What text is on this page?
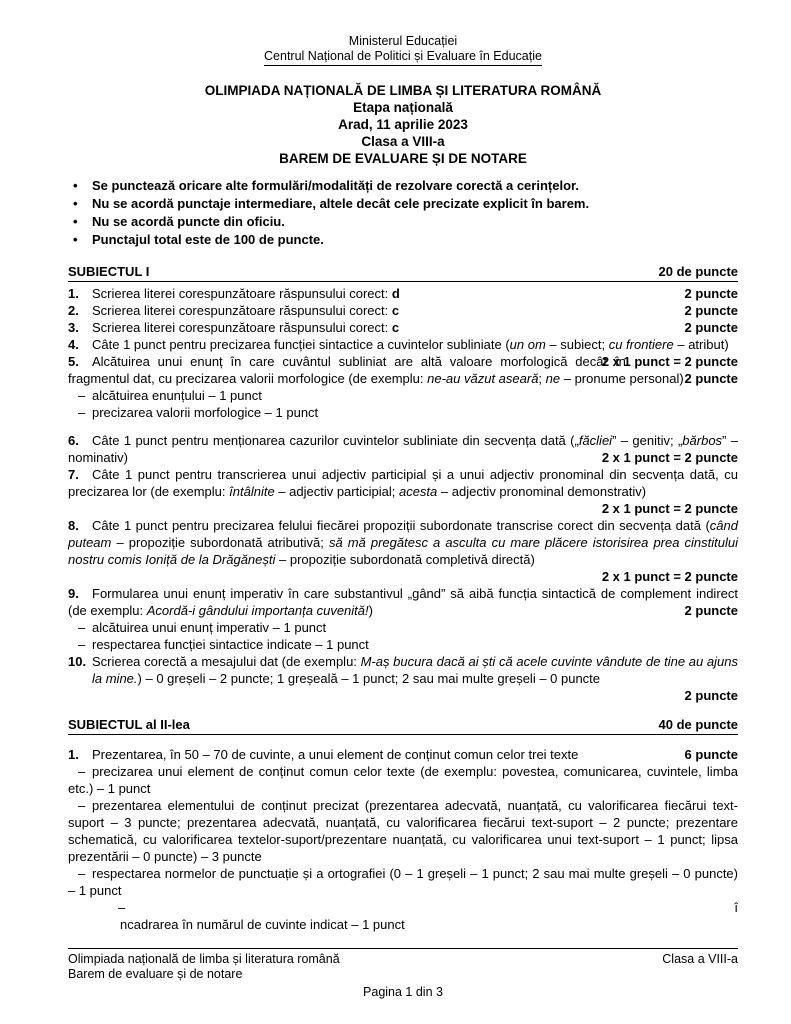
Ministerul Educației
Centrul Național de Politici și Evaluare în Educație
OLIMPIADA NAȚIONALĂ DE LIMBA ȘI LITERATURA ROMÂNĂ
Etapa națională
Arad, 11 aprilie 2023
Clasa a VIII-a
BAREM DE EVALUARE ȘI DE NOTARE
• Se punctează oricare alte formulări/modalități de rezolvare corectă a cerințelor.
• Nu se acordă punctaje intermediare, altele decât cele precizate explicit în barem.
• Nu se acordă puncte din oficiu.
• Punctajul total este de 100 de puncte.
SUBIECTUL I	20 de puncte

1. Scrierea literei corespunzătoare răspunsului corect: d	2 puncte

2. Scrierea literei corespunzătoare răspunsului corect: c	2 puncte

3. Scrierea literei corespunzătoare răspunsului corect: c	2 puncte

4. Câte 1 punct pentru precizarea funcției sintactice a cuvintelor subliniate (un om – subiect; cu frontiere – atribut)
2 x 1 punct = 2 puncte

5. Alcătuirea unui enunț în care cuvântul subliniat are altă valoare morfologică decât în fragmentul dat, cu precizarea valorii morfologice (de exemplu: ne-au văzut aseară; ne – pronume personal) 2 puncte

– alcătuirea enunțului – 1 punct

– precizarea valorii morfologice – 1 punct

6. Câte 1 punct pentru menționarea cazurilor cuvintelor subliniate din secvența dată („făcliei” – genitiv; „bărbos” – nominativ)	2 x 1 punct = 2 puncte

7. Câte 1 punct pentru transcrierea unui adjectiv participial și a unui adjectiv pronominal din secvența dată, cu precizarea lor (de exemplu: întâlnite – adjectiv participial; acesta – adjectiv pronominal demonstrativ)

2 x 1 punct = 2 puncte

8. Câte 1 punct pentru precizarea felului fiecărei propoziții subordonate transcrise corect din secvența dată (când puteam – propoziție subordonată atributivă; să mă pregătesc a asculta cu mare plăcere istorisirea prea cinstitului nostru comis Ioniță de la Drăgănești – propoziție subordonată completivă directă)

2 x 1 punct = 2 puncte

9. Formularea unui enunț imperativ în care substantivul „gând” să aibă funcția sintactică de complement indirect (de exemplu: Acordă-i gândului importanța cuvenită!)	2 puncte

– alcătuirea unui enunț imperativ – 1 punct

– respectarea funcției sintactice indicate – 1 punct

10. Scrierea corectă a mesajului dat (de exemplu: M-aș bucura dacă ai ști că acele cuvinte vândute de tine au ajuns la mine.) – 0 greșeli – 2 puncte; 1 greșeală – 1 punct; 2 sau mai multe greșeli – 0 puncte

2 puncte

SUBIECTUL al II-lea	40 de puncte

1. Prezentarea, în 50 – 70 de cuvinte, a unui element de conținut comun celor trei texte	6 puncte

– precizarea unui element de conținut comun celor texte (de exemplu: povestea, comunicarea, cuvintele, limba etc.) – 1 punct

– prezentarea elementului de conținut precizat (prezentarea adecvată, nuanțată, cu valorificarea fiecărui text-suport – 3 puncte; prezentarea adecvată, nuanțată, cu valorificarea fiecărui text-suport – 2 puncte; prezentare schematică, cu valorificarea textelor-suport/prezentare nuanțată, cu valorificarea unui text-suport – 1 punct; lipsa prezentării – 0 puncte) – 3 puncte

– respectarea normelor de punctuație și a ortografiei (0 – 1 greșeli – 1 punct; 2 sau mai multe greșeli – 0 puncte) – 1 punct

–	î

ncadrarea în numărul de cuvinte indicat – 1 punct

Olimpiada națională de limba și literatura română	Clasa a VIII-a
Barem de evaluare și de notare
Pagina 1 din 3
